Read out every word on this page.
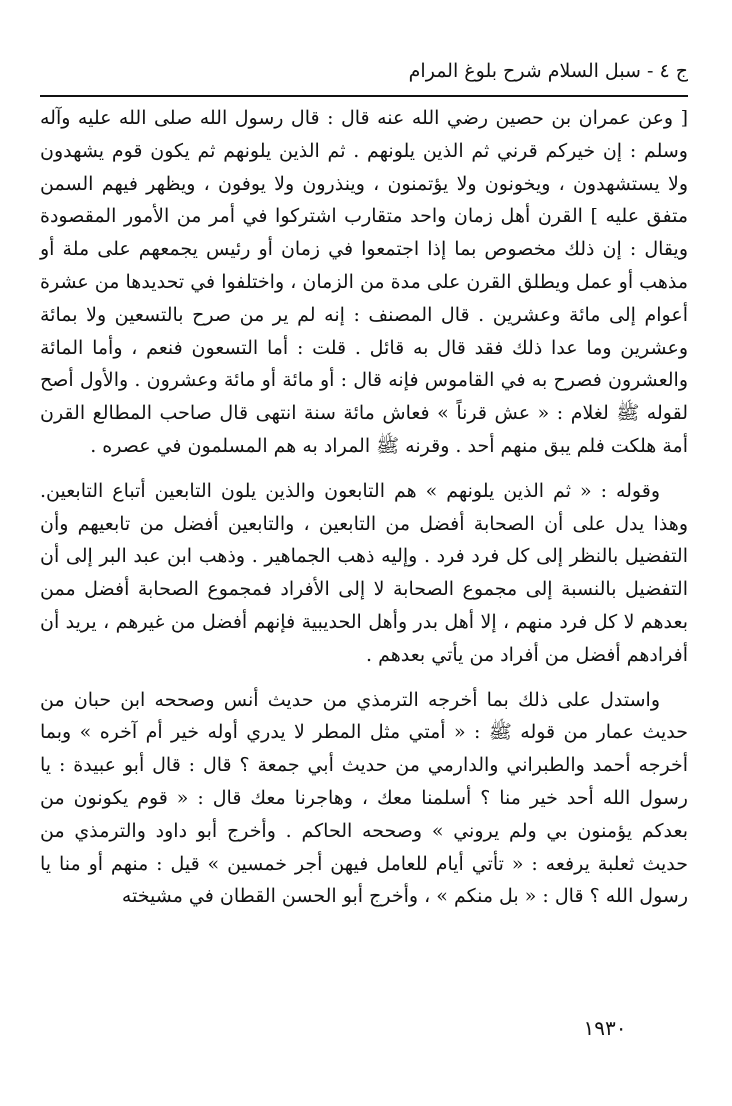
ج ٤ - سبل السلام شرح بلوغ المرام

[ وعن عمران بن حصين رضي الله عنه قال : قال رسول الله صلى الله عليه وآله وسلم : إن خيركم قرني ثم الذين يلونهم . ثم الذين يلونهم ثم يكون قوم يشهدون ولا يستشهدون ، ويخونون ولا يؤتمنون ، وينذرون ولا يوفون ، ويظهر فيهم السمن متفق عليه ] القرن أهل زمان واحد متقارب اشتركوا في أمر من الأمور المقصودة ويقال : إن ذلك مخصوص بما إذا اجتمعوا في زمان أو رئيس يجمعهم على ملة أو مذهب أو عمل ويطلق القرن على مدة من الزمان ، واختلفوا في تحديدها من عشرة أعوام إلى مائة وعشرين . قال المصنف : إنه لم ير من صرح بالتسعين ولا بمائة وعشرين وما عدا ذلك فقد قال به قائل . قلت : أما التسعون فنعم ، وأما المائة والعشرون فصرح به في القاموس فإنه قال : أو مائة أو مائة وعشرون . والأول أصح لقوله ﷺ لغلام : « عش قرناً » فعاش مائة سنة انتهى قال صاحب المطالع القرن أمة هلكت فلم يبق منهم أحد . وقرنه ﷺ المراد به هم المسلمون في عصره .

وقوله : « ثم الذين يلونهم » هم التابعون والذين يلون التابعين أتباع التابعين. وهذا يدل على أن الصحابة أفضل من التابعين ، والتابعين أفضل من تابعيهم وأن التفضيل بالنظر إلى كل فرد فرد . وإليه ذهب الجماهير . وذهب ابن عبد البر إلى أن التفضيل بالنسبة إلى مجموع الصحابة لا إلى الأفراد فمجموع الصحابة أفضل ممن بعدهم لا كل فرد منهم ، إلا أهل بدر وأهل الحديبية فإنهم أفضل من غيرهم ، يريد أن أفرادهم أفضل من أفراد من يأتي بعدهم .

واستدل على ذلك بما أخرجه الترمذي من حديث أنس وصححه ابن حبان من حديث عمار من قوله ﷺ : « أمتي مثل المطر لا يدري أوله خير أم آخره » وبما أخرجه أحمد والطبراني والدارمي من حديث أبي جمعة ؟ قال : قال أبو عبيدة : يا رسول الله أحد خير منا ؟ أسلمنا معك ، وهاجرنا معك قال : « قوم يكونون من بعدكم يؤمنون بي ولم يروني » وصححه الحاكم . وأخرج أبو داود والترمذي من حديث ثعلبة يرفعه : « تأتي أيام للعامل فيهن أجر خمسين » قيل : منهم أو منا يا رسول الله ؟ قال : « بل منكم » ، وأخرج أبو الحسن القطان في مشيخته

١٩٣٠
